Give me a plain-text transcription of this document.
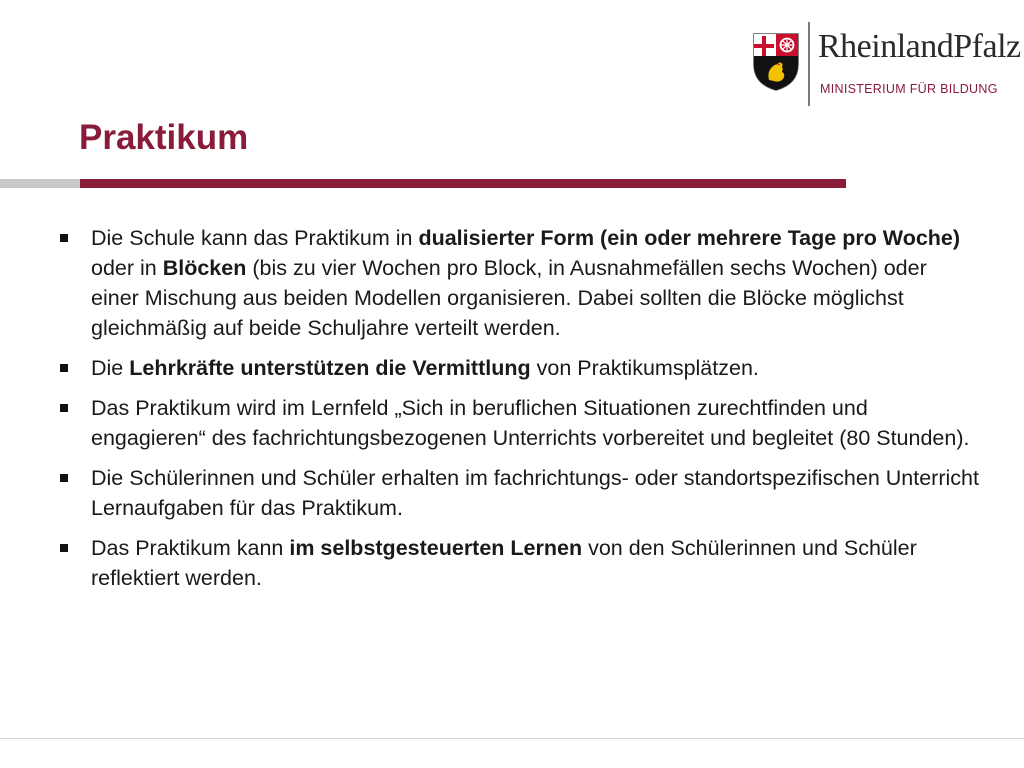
RheinlandPfalz
MINISTERIUM FÜR BILDUNG
Praktikum
Die Schule kann das Praktikum in dualisierter Form (ein oder mehrere Tage pro Woche) oder in Blöcken (bis zu vier Wochen pro Block, in Ausnahmefällen sechs Wochen) oder einer Mischung aus beiden Modellen organisieren. Dabei sollten die Blöcke möglichst gleichmäßig auf beide Schuljahre verteilt werden.
Die Lehrkräfte unterstützen die Vermittlung von Praktikumsplätzen.
Das Praktikum wird im Lernfeld „Sich in beruflichen Situationen zurechtfinden und engagieren“ des fachrichtungsbezogenen Unterrichts vorbereitet und begleitet (80 Stunden).
Die Schülerinnen und Schüler erhalten im fachrichtungs- oder standortspezifischen Unterricht Lernaufgaben für das Praktikum.
Das Praktikum kann im selbstgesteuerten Lernen von den Schülerinnen und Schüler reflektiert werden.
